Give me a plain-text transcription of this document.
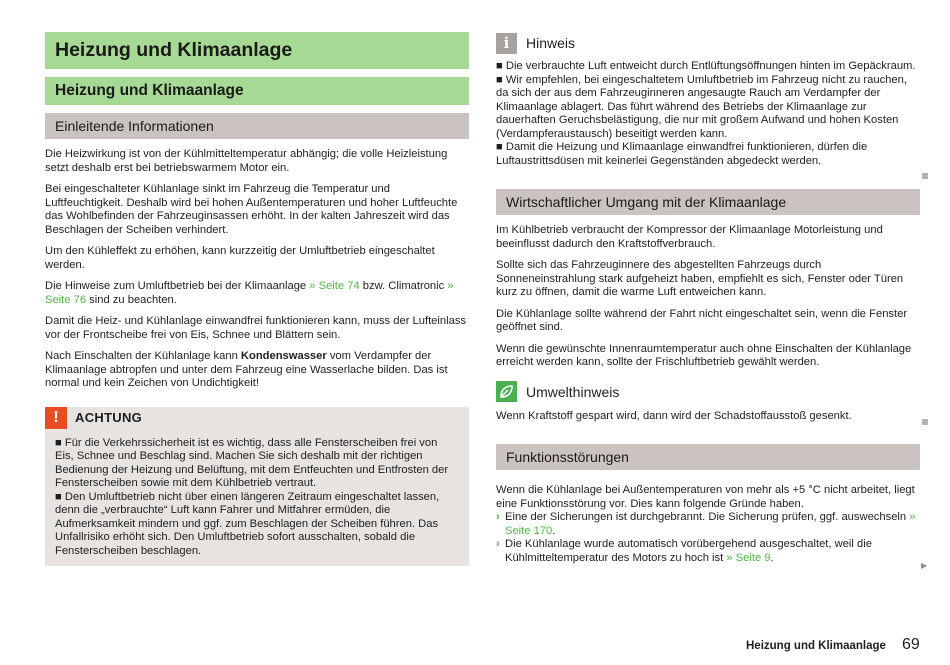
Heizung und Klimaanlage
Heizung und Klimaanlage
Einleitende Informationen

Die Heizwirkung ist von der Kühlmitteltemperatur abhängig; die volle Heizleistung setzt deshalb erst bei betriebswarmem Motor ein.

Bei eingeschalteter Kühlanlage sinkt im Fahrzeug die Temperatur und Luftfeuchtigkeit. Deshalb wird bei hohen Außentemperaturen und hoher Luftfeuchte das Wohlbefinden der Fahrzeuginsassen erhöht. In der kalten Jahreszeit wird das Beschlagen der Scheiben verhindert.

Um den Kühleffekt zu erhöhen, kann kurzzeitig der Umluftbetrieb eingeschaltet werden.

Die Hinweise zum Umluftbetrieb bei der Klimaanlage » Seite 74 bzw. Climatronic » Seite 76 sind zu beachten.

Damit die Heiz- und Kühlanlage einwandfrei funktionieren kann, muss der Lufteinlass vor der Frontscheibe frei von Eis, Schnee und Blättern sein.

Nach Einschalten der Kühlanlage kann Kondenswasser vom Verdampfer der Klimaanlage abtropfen und unter dem Fahrzeug eine Wasserlache bilden. Das ist normal und kein Zeichen von Undichtigkeit!

!	ACHTUNG

■ Für die Verkehrssicherheit ist es wichtig, dass alle Fensterscheiben frei von Eis, Schnee und Beschlag sind. Machen Sie sich deshalb mit der richtigen Bedienung der Heizung und Belüftung, mit dem Entfeuchten und Entfrosten der Fensterscheiben sowie mit dem Kühlbetrieb vertraut.

■ Den Umluftbetrieb nicht über einen längeren Zeitraum eingeschaltet lassen, denn die „verbrauchte“ Luft kann Fahrer und Mitfahrer ermüden, die Aufmerksamkeit mindern und ggf. zum Beschlagen der Scheiben führen. Das Unfallrisiko erhöht sich. Den Umluftbetrieb sofort ausschalten, sobald die Fensterscheiben beschlagen.

i	Hinweis

■ Die verbrauchte Luft entweicht durch Entlüftungsöffnungen hinten im Gepäckraum.

■ Wir empfehlen, bei eingeschaltetem Umluftbetrieb im Fahrzeug nicht zu rauchen, da sich der aus dem Fahrzeuginneren angesaugte Rauch am Verdampfer der Klimaanlage ablagert. Das führt während des Betriebs der Klimaanlage zur dauerhaften Geruchsbelästigung, die nur mit großem Aufwand und hohen Kosten (Verdampferaustausch) beseitigt werden kann.

■ Damit die Heizung und Klimaanlage einwandfrei funktionieren, dürfen die Luftaustrittsdüsen mit keinerlei Gegenständen abgedeckt werden.

Wirtschaftlicher Umgang mit der Klimaanlage

Im Kühlbetrieb verbraucht der Kompressor der Klimaanlage Motorleistung und beeinflusst dadurch den Kraftstoffverbrauch.

Sollte sich das Fahrzeuginnere des abgestellten Fahrzeugs durch Sonneneinstrahlung stark aufgeheizt haben, empfiehlt es sich, Fenster oder Türen kurz zu öffnen, damit die warme Luft entweichen kann.

Die Kühlanlage sollte während der Fahrt nicht eingeschaltet sein, wenn die Fenster geöffnet sind.

Wenn die gewünschte Innenraumtemperatur auch ohne Einschalten der Kühlanlage erreicht werden kann, sollte der Frischluftbetrieb gewählt werden.

Umwelthinweis

Wenn Kraftstoff gespart wird, dann wird der Schadstoffausstoß gesenkt.

Funktionsstörungen

Wenn die Kühlanlage bei Außentemperaturen von mehr als +5 °C nicht arbeitet, liegt eine Funktionsstörung vor. Dies kann folgende Gründe haben.

› Eine der Sicherungen ist durchgebrannt. Die Sicherung prüfen, ggf. auswechseln » Seite 170.
› Die Kühlanlage wurde automatisch vorübergehend ausgeschaltet, weil die Kühlmitteltemperatur des Motors zu hoch ist » Seite 9.
▶
Heizung und Klimaanlage 69
